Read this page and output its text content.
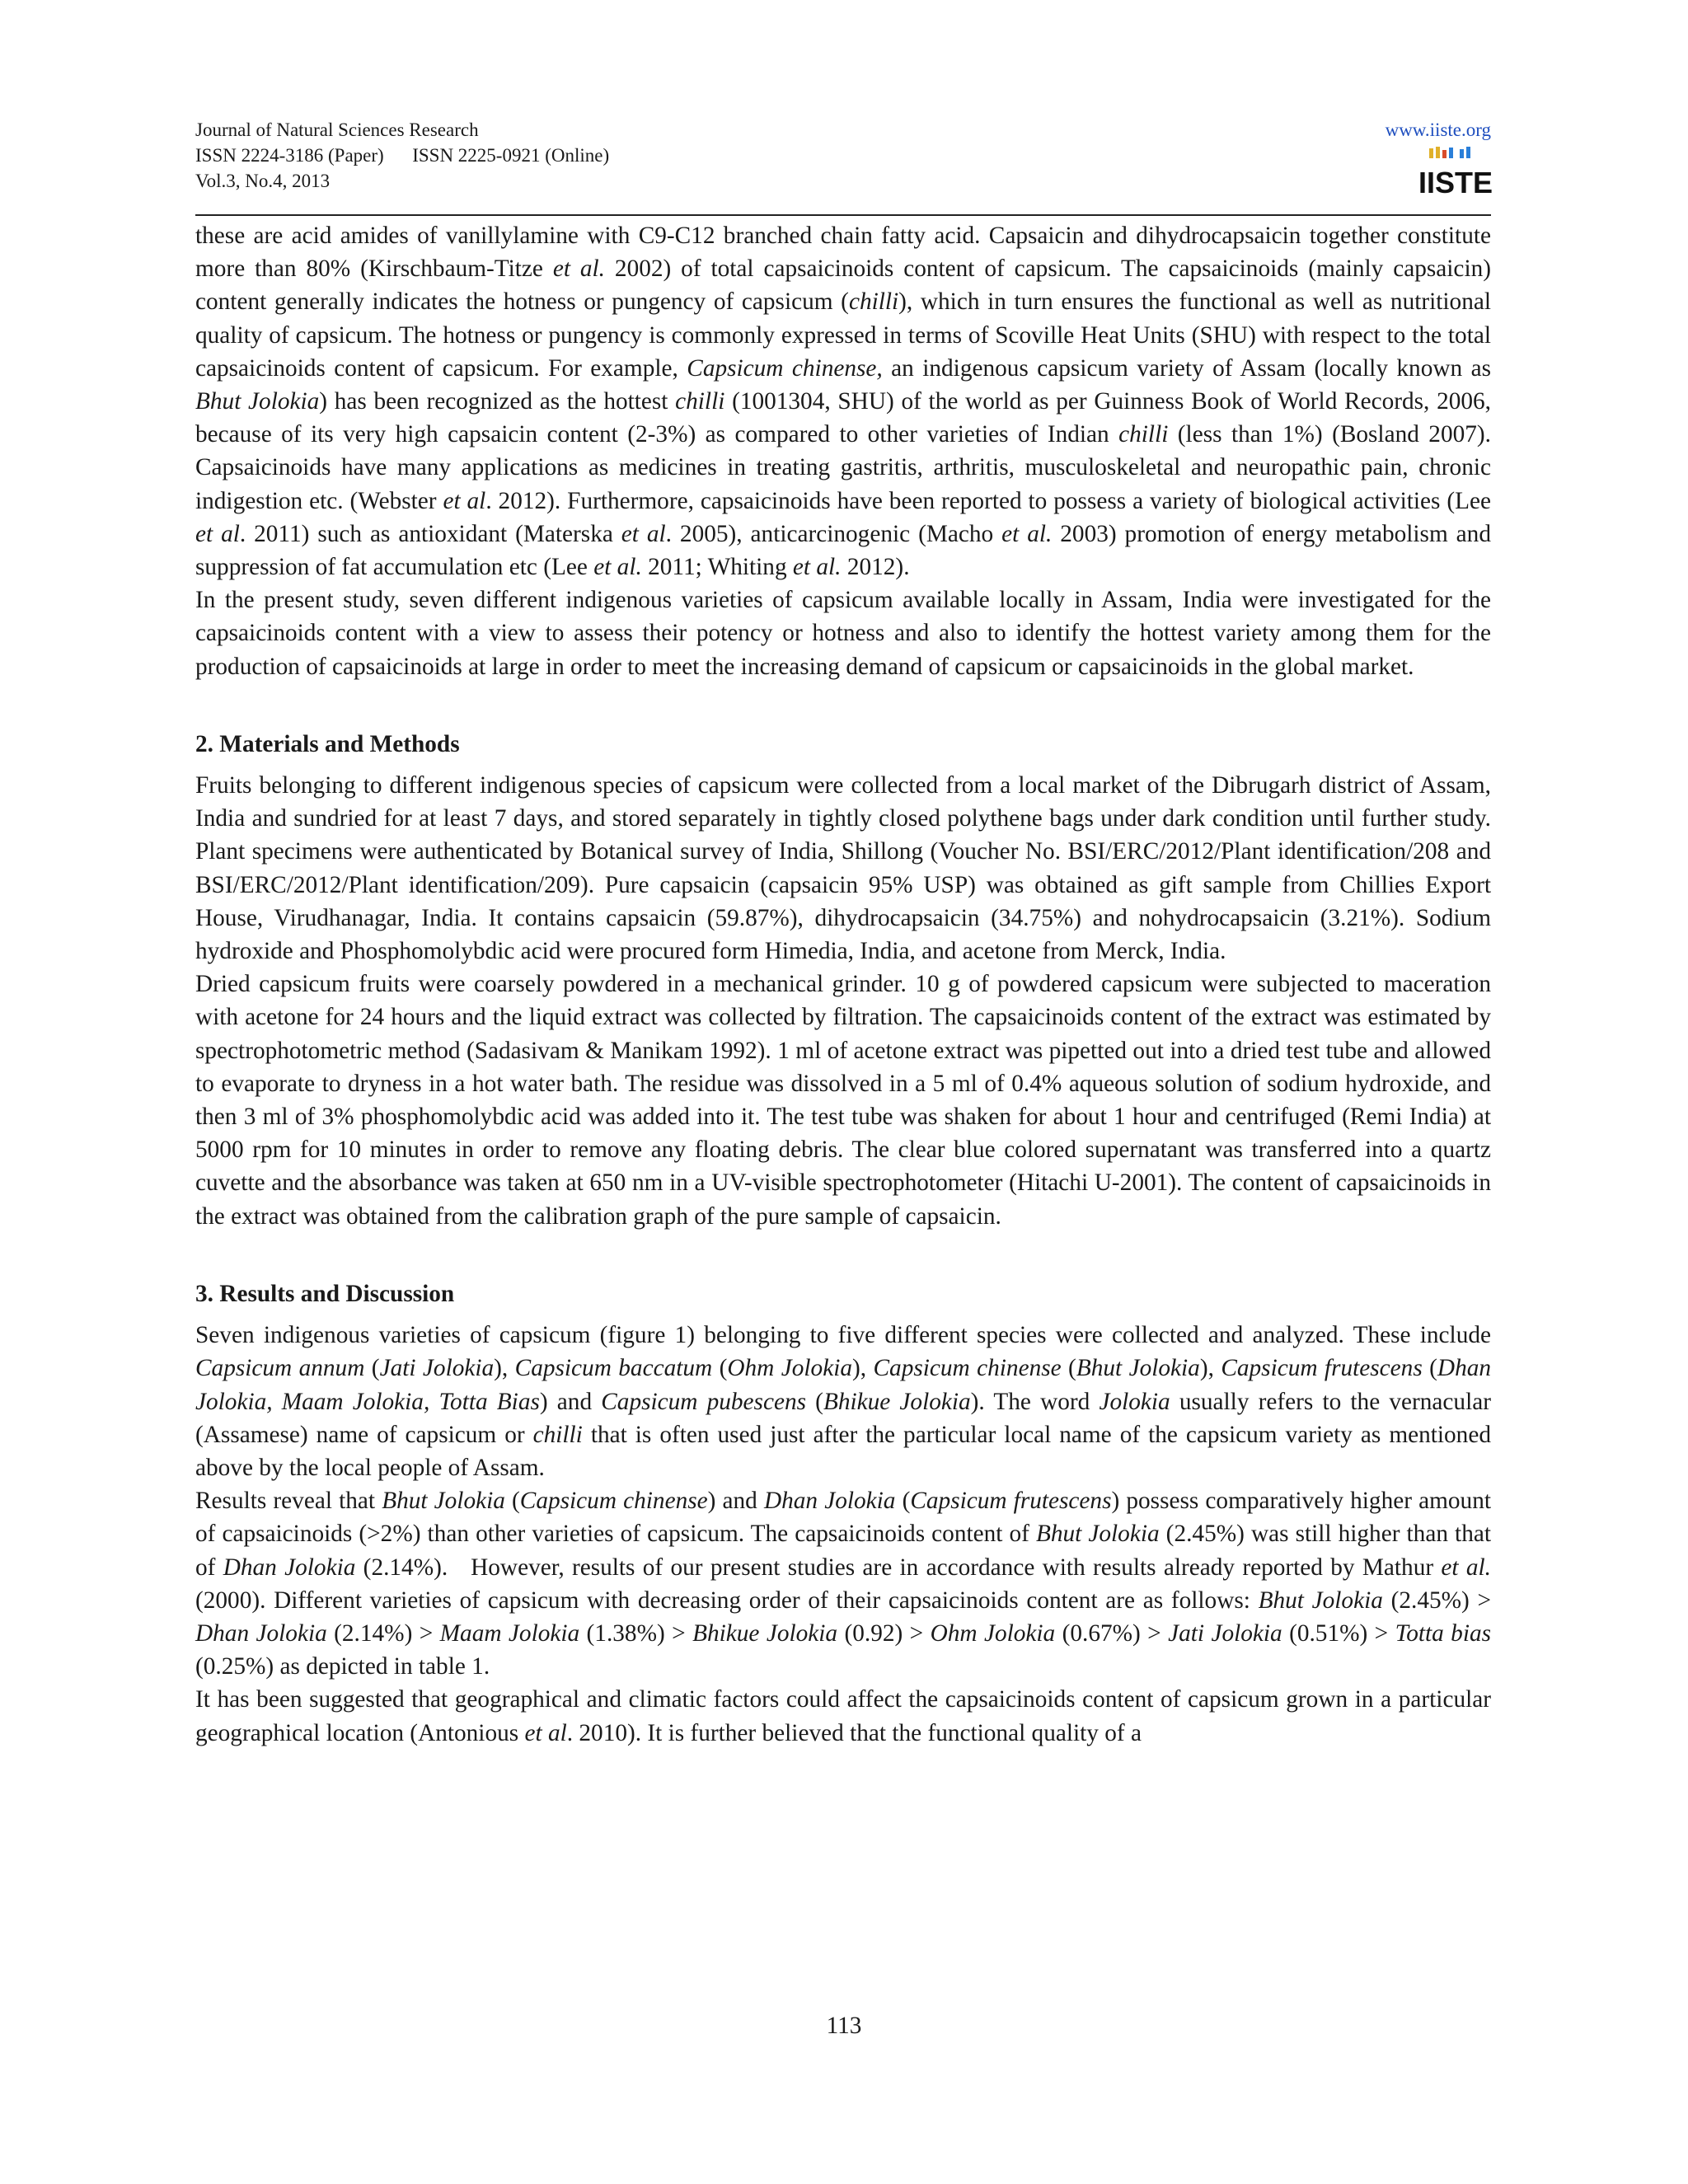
Journal of Natural Sciences Research
ISSN 2224-3186 (Paper)      ISSN 2225-0921 (Online)
Vol.3, No.4, 2013
www.iiste.org
IISTE

these are acid amides of vanillylamine with C9-C12 branched chain fatty acid. Capsaicin and dihydrocapsaicin together constitute more than 80% (Kirschbaum-Titze et al. 2002) of total capsaicinoids content of capsicum. The capsaicinoids (mainly capsaicin) content generally indicates the hotness or pungency of capsicum (chilli), which in turn ensures the functional as well as nutritional quality of capsicum. The hotness or pungency is commonly expressed in terms of Scoville Heat Units (SHU) with respect to the total capsaicinoids content of capsicum. For example, Capsicum chinense, an indigenous capsicum variety of Assam (locally known as Bhut Jolokia) has been recognized as the hottest chilli (1001304, SHU) of the world as per Guinness Book of World Records, 2006, because of its very high capsaicin content (2-3%) as compared to other varieties of Indian chilli (less than 1%) (Bosland 2007). Capsaicinoids have many applications as medicines in treating gastritis, arthritis, musculoskeletal and neuropathic pain, chronic indigestion etc. (Webster et al. 2012). Furthermore, capsaicinoids have been reported to possess a variety of biological activities (Lee et al. 2011) such as antioxidant (Materska et al. 2005), anticarcinogenic (Macho et al. 2003) promotion of energy metabolism and suppression of fat accumulation etc (Lee et al. 2011; Whiting et al. 2012).

In the present study, seven different indigenous varieties of capsicum available locally in Assam, India were investigated for the capsaicinoids content with a view to assess their potency or hotness and also to identify the hottest variety among them for the production of capsaicinoids at large in order to meet the increasing demand of capsicum or capsaicinoids in the global market.

2. Materials and Methods

Fruits belonging to different indigenous species of capsicum were collected from a local market of the Dibrugarh district of Assam, India and sundried for at least 7 days, and stored separately in tightly closed polythene bags under dark condition until further study. Plant specimens were authenticated by Botanical survey of India, Shillong (Voucher No. BSI/ERC/2012/Plant identification/208 and BSI/ERC/2012/Plant identification/209). Pure capsaicin (capsaicin 95% USP) was obtained as gift sample from Chillies Export House, Virudhanagar, India. It contains capsaicin (59.87%), dihydrocapsaicin (34.75%) and nohydrocapsaicin (3.21%). Sodium hydroxide and Phosphomolybdic acid were procured form Himedia, India, and acetone from Merck, India.

Dried capsicum fruits were coarsely powdered in a mechanical grinder. 10 g of powdered capsicum were subjected to maceration with acetone for 24 hours and the liquid extract was collected by filtration. The capsaicinoids content of the extract was estimated by spectrophotometric method (Sadasivam & Manikam 1992). 1 ml of acetone extract was pipetted out into a dried test tube and allowed to evaporate to dryness in a hot water bath. The residue was dissolved in a 5 ml of 0.4% aqueous solution of sodium hydroxide, and then 3 ml of 3% phosphomolybdic acid was added into it. The test tube was shaken for about 1 hour and centrifuged (Remi India) at 5000 rpm for 10 minutes in order to remove any floating debris. The clear blue colored supernatant was transferred into a quartz cuvette and the absorbance was taken at 650 nm in a UV-visible spectrophotometer (Hitachi U-2001). The content of capsaicinoids in the extract was obtained from the calibration graph of the pure sample of capsaicin.

3. Results and Discussion

Seven indigenous varieties of capsicum (figure 1) belonging to five different species were collected and analyzed. These include Capsicum annum (Jati Jolokia), Capsicum baccatum (Ohm Jolokia), Capsicum chinense (Bhut Jolokia), Capsicum frutescens (Dhan Jolokia, Maam Jolokia, Totta Bias) and Capsicum pubescens (Bhikue Jolokia). The word Jolokia usually refers to the vernacular (Assamese) name of capsicum or chilli that is often used just after the particular local name of the capsicum variety as mentioned above by the local people of Assam.

Results reveal that Bhut Jolokia (Capsicum chinense) and Dhan Jolokia (Capsicum frutescens) possess comparatively higher amount of capsaicinoids (>2%) than other varieties of capsicum. The capsaicinoids content of Bhut Jolokia (2.45%) was still higher than that of Dhan Jolokia (2.14%).   However, results of our present studies are in accordance with results already reported by Mathur et al. (2000). Different varieties of capsicum with decreasing order of their capsaicinoids content are as follows: Bhut Jolokia (2.45%) > Dhan Jolokia (2.14%) > Maam Jolokia (1.38%) > Bhikue Jolokia (0.92) > Ohm Jolokia (0.67%) > Jati Jolokia (0.51%) > Totta bias (0.25%) as depicted in table 1.

It has been suggested that geographical and climatic factors could affect the capsaicinoids content of capsicum grown in a particular geographical location (Antonious et al. 2010). It is further believed that the functional quality of a

113
